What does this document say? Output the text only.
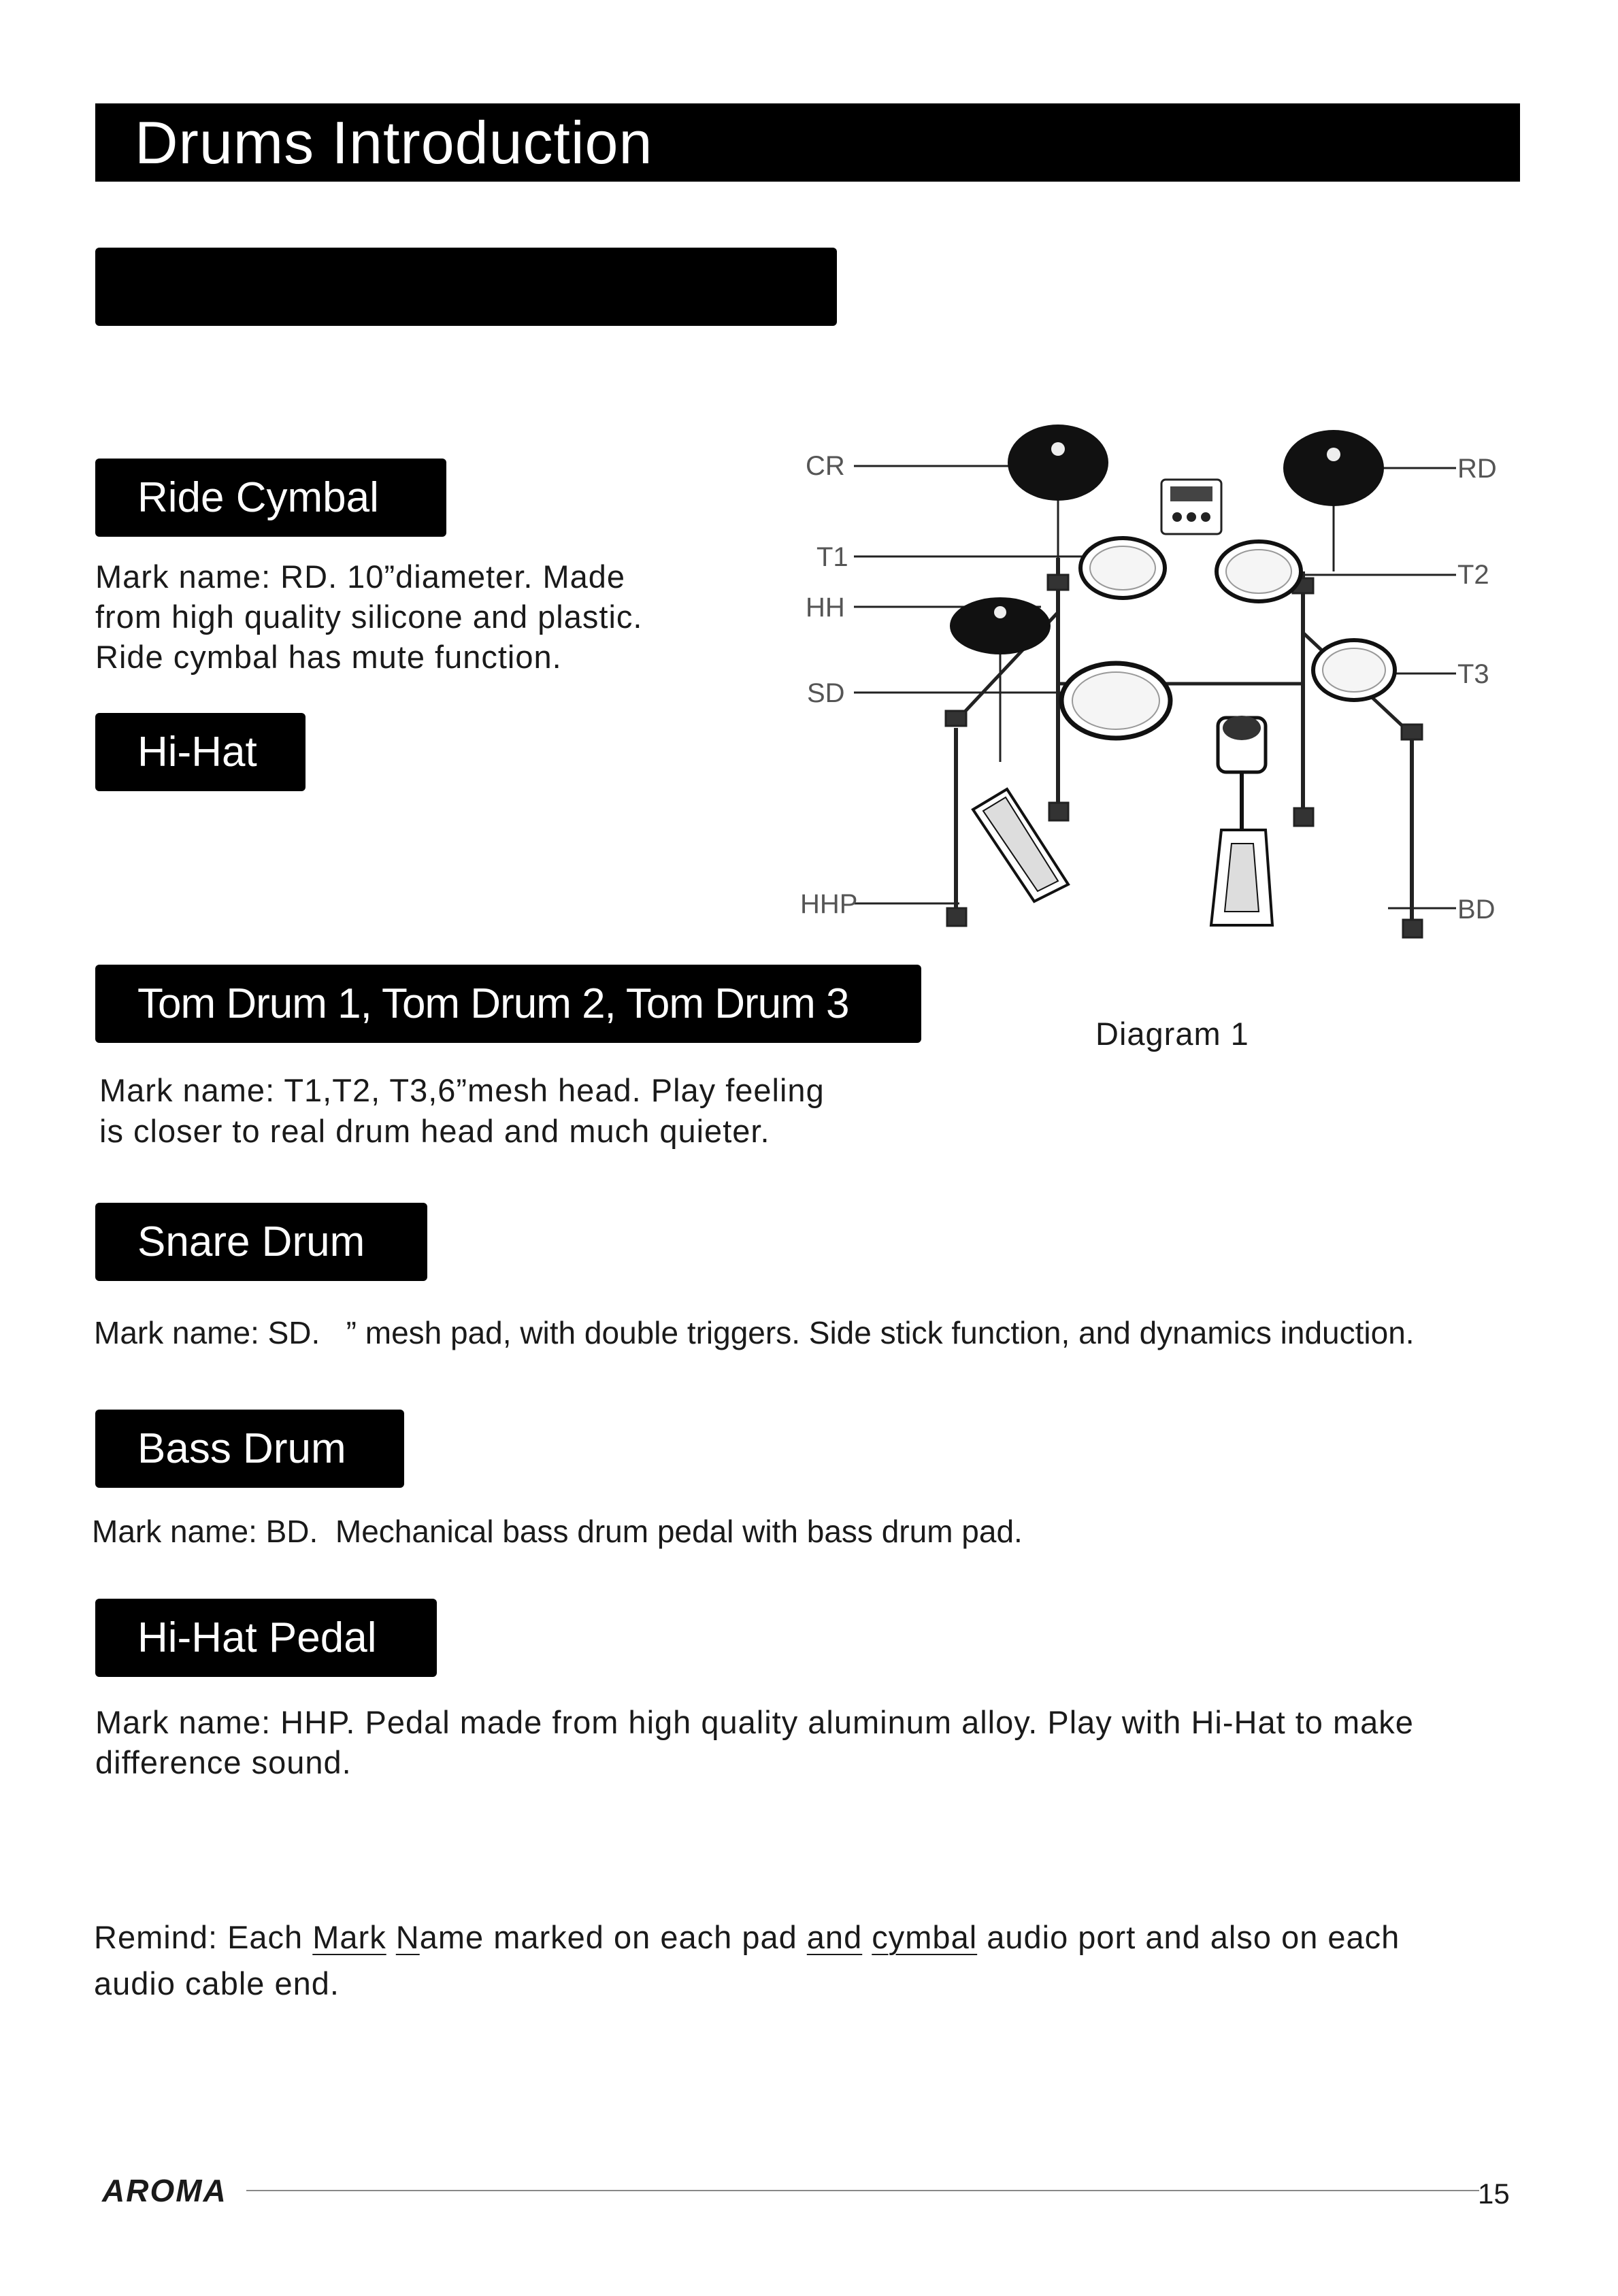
Drums Introduction
Ride Cymbal
Mark name: RD. 10”diameter. Made
from high quality silicone and plastic.
Ride cymbal has mute function.
Hi-Hat
Tom Drum 1, Tom Drum 2, Tom Drum 3
Mark name: T1,T2, T3,6”mesh head. Play feeling
is closer to real drum head and much quieter.
Snare Drum
Mark name: SD.   ” mesh pad, with double triggers. Side stick function, and dynamics induction.
Bass Drum
Mark name: BD.  Mechanical bass drum pedal with bass drum pad.
Hi-Hat Pedal
Mark name: HHP. Pedal made from high quality aluminum alloy. Play with Hi-Hat to make
difference sound.
Remind: Each Mark Name marked on each pad and cymbal audio port and also on each
audio cable end.
CR
T1
HH
SD
HHP
RD
T2
T3
BD
Diagram 1
AROMA	15
